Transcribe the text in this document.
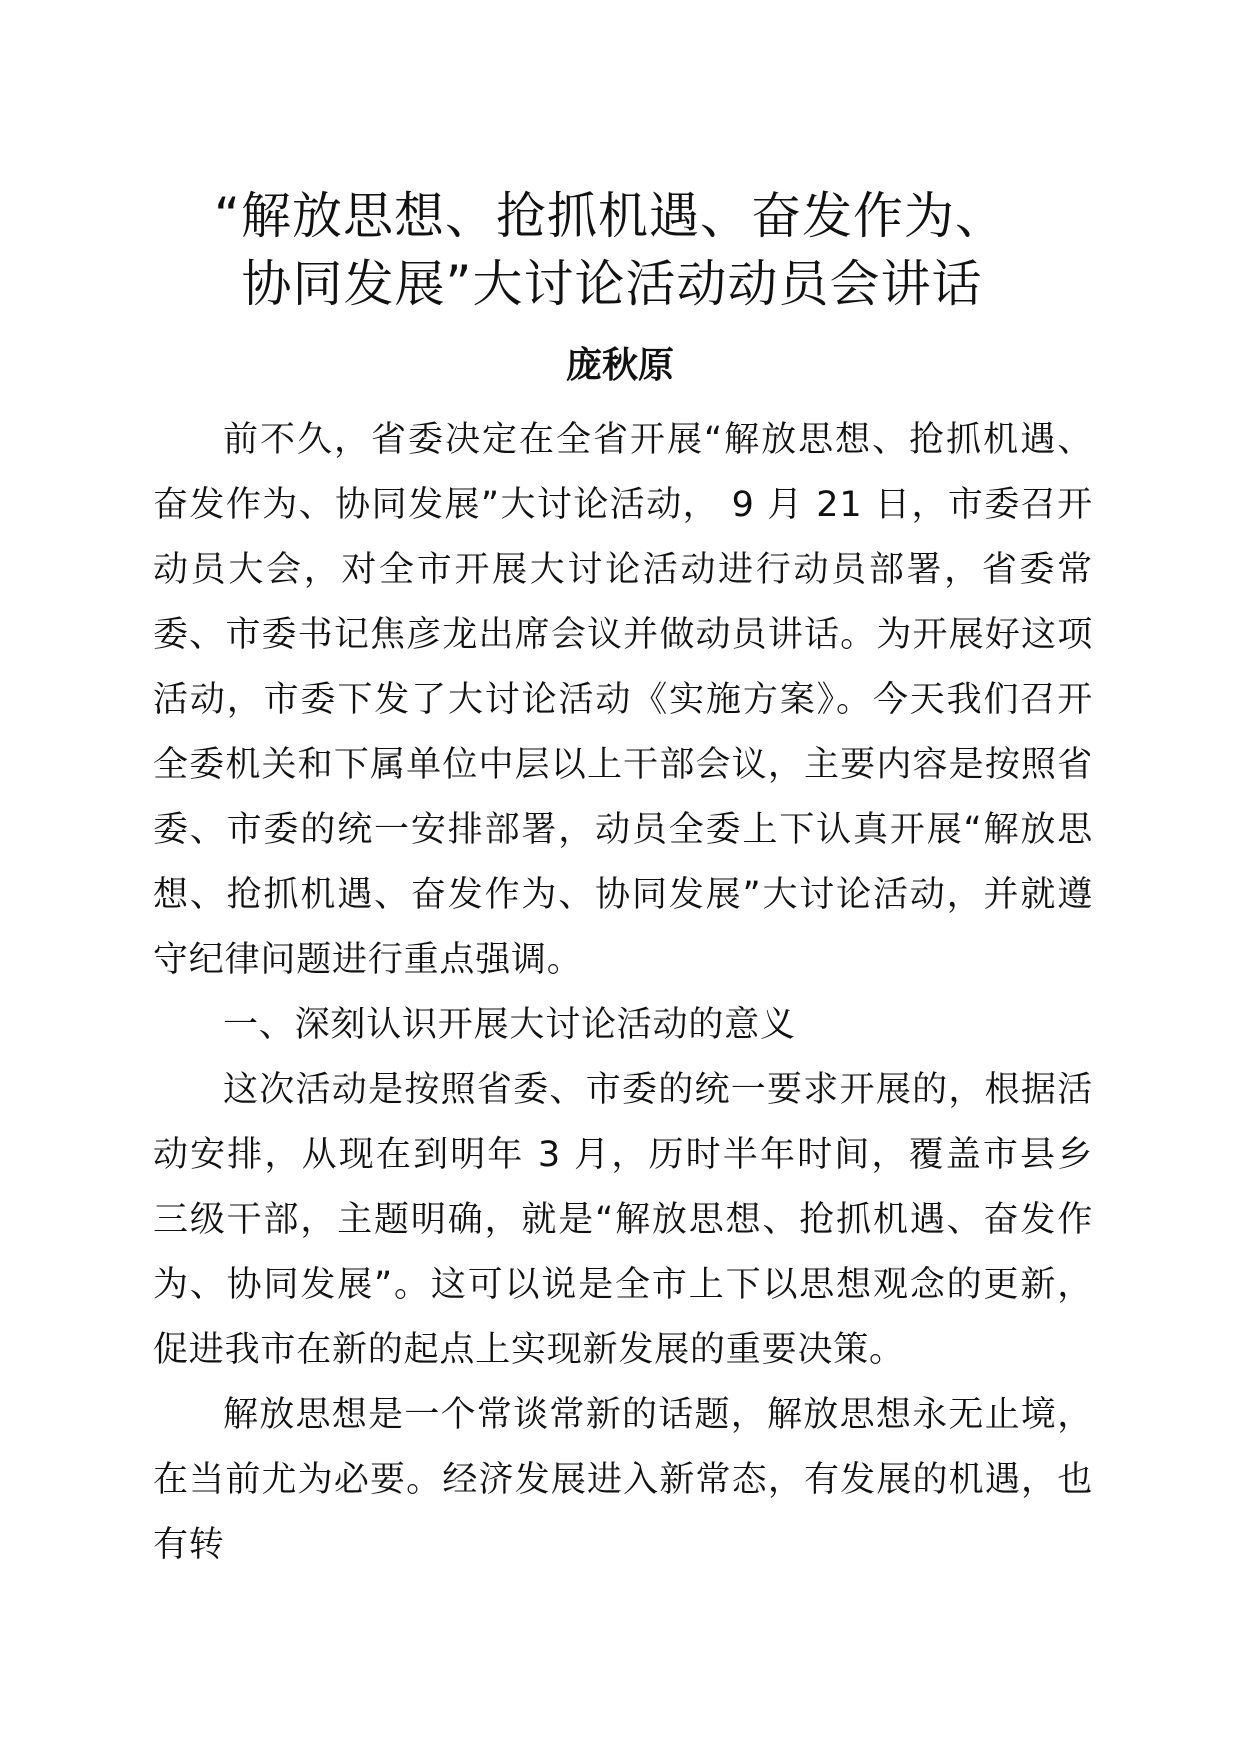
“解放思想、抢抓机遇、奋发作为、
协同发展”大讨论活动动员会讲话

庞秋原

前不久，省委决定在全省开展“解放思想、抢抓机遇、奋发作为、协同发展”大讨论活动， 9 月 21 日，市委召开动员大会，对全市开展大讨论活动进行动员部署，省委常委、市委书记焦彦龙出席会议并做动员讲话。为开展好这项活动，市委下发了大讨论活动《实施方案》。今天我们召开全委机关和下属单位中层以上干部会议，主要内容是按照省委、市委的统一安排部署，动员全委上下认真开展“解放思想、抢抓机遇、奋发作为、协同发展”大讨论活动，并就遵守纪律问题进行重点强调。

一、深刻认识开展大讨论活动的意义

这次活动是按照省委、市委的统一要求开展的，根据活动安排，从现在到明年 3 月，历时半年时间，覆盖市县乡三级干部，主题明确，就是“解放思想、抢抓机遇、奋发作为、协同发展”。这可以说是全市上下以思想观念的更新，促进我市在新的起点上实现新发展的重要决策。

解放思想是一个常谈常新的话题，解放思想永无止境，在当前尤为必要。经济发展进入新常态，有发展的机遇，也有转
